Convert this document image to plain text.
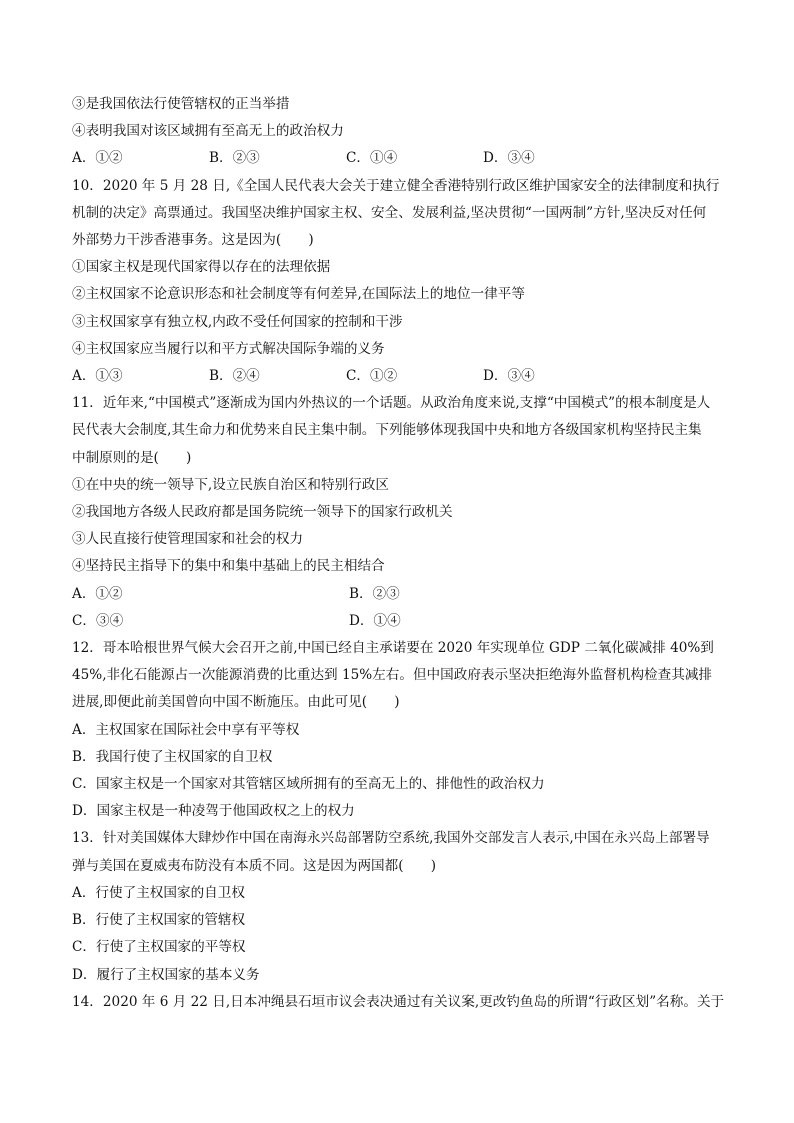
③是我国依法行使管辖权的正当举措
④表明我国对该区域拥有至高无上的政治权力
A．①②	B．②③	C．①④	D．③④
10．2020 年 5 月 28 日,《全国人民代表大会关于建立健全香港特别行政区维护国家安全的法律制度和执行
机制的决定》高票通过。我国坚决维护国家主权、安全、发展利益,坚决贯彻“一国两制”方针,坚决反对任何
外部势力干涉香港事务。这是因为(　　)
①国家主权是现代国家得以存在的法理依据
②主权国家不论意识形态和社会制度等有何差异,在国际法上的地位一律平等
③主权国家享有独立权,内政不受任何国家的控制和干涉
④主权国家应当履行以和平方式解决国际争端的义务
A．①③	B．②④	C．①②	D．③④
11．近年来,“中国模式”逐渐成为国内外热议的一个话题。从政治角度来说,支撑“中国模式”的根本制度是人
民代表大会制度,其生命力和优势来自民主集中制。下列能够体现我国中央和地方各级国家机构坚持民主集
中制原则的是(　　)
①在中央的统一领导下,设立民族自治区和特别行政区
②我国地方各级人民政府都是国务院统一领导下的国家行政机关
③人民直接行使管理国家和社会的权力
④坚持民主指导下的集中和集中基础上的民主相结合
A．①②	B．②③
C．③④	D．①④
12．哥本哈根世界气候大会召开之前,中国已经自主承诺要在 2020 年实现单位 GDP 二氧化碳减排 40%到
45%,非化石能源占一次能源消费的比重达到 15%左右。但中国政府表示坚决拒绝海外监督机构检查其减排
进展,即便此前美国曾向中国不断施压。由此可见(　　)
A．主权国家在国际社会中享有平等权
B．我国行使了主权国家的自卫权
C．国家主权是一个国家对其管辖区域所拥有的至高无上的、排他性的政治权力
D．国家主权是一种凌驾于他国政权之上的权力
13．针对美国媒体大肆炒作中国在南海永兴岛部署防空系统,我国外交部发言人表示,中国在永兴岛上部署导
弹与美国在夏威夷布防没有本质不同。这是因为两国都(　　)
A．行使了主权国家的自卫权
B．行使了主权国家的管辖权
C．行使了主权国家的平等权
D．履行了主权国家的基本义务
14．2020 年 6 月 22 日,日本冲绳县石垣市议会表决通过有关议案,更改钓鱼岛的所谓“行政区划”名称。关于
